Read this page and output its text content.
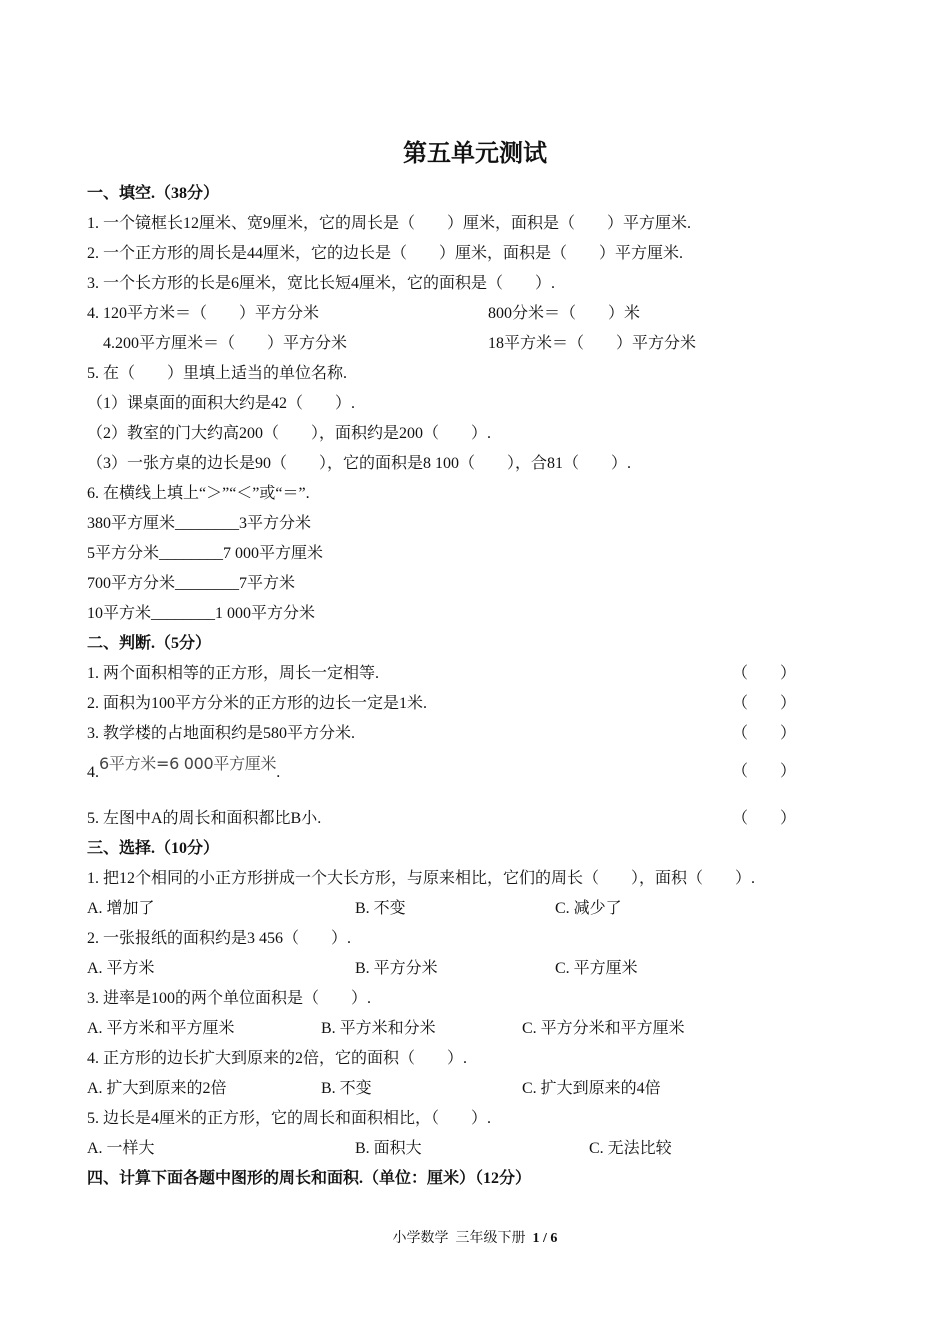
第五单元测试
一、填空.（38分）
1. 一个镜框长12厘米、宽9厘米，它的周长是（　　）厘米，面积是（　　）平方厘米.
2. 一个正方形的周长是44厘米，它的边长是（　　）厘米，面积是（　　）平方厘米.
3. 一个长方形的长是6厘米，宽比长短4厘米，它的面积是（　　）.
4. 120平方米＝（　　）平方分米	800分米＝（　　）米
4.200平方厘米＝（　　）平方分米	18平方米＝（　　）平方分米
5. 在（　　）里填上适当的单位名称.
（1）课桌面的面积大约是42（　　）.
（2）教室的门大约高200（　　），面积约是200（　　）.
（3）一张方桌的边长是90（　　），它的面积是8 100（　　），合81（　　）.
6. 在横线上填上“＞”“＜”或“＝”.
380平方厘米________3平方分米
5平方分米________7 000平方厘米
700平方分米________7平方米
10平方米________1 000平方分米
二、判断.（5分）
1. 两个面积相等的正方形，周长一定相等.	（　　）
2. 面积为100平方分米的正方形的边长一定是1米.	（　　）
3. 教学楼的占地面积约是580平方分米.	（　　）
4.6平方米=6 000平方厘米.	（　　）
5. 左图中A的周长和面积都比B小.	（　　）
三、选择.（10分）
1. 把12个相同的小正方形拼成一个大长方形，与原来相比，它们的周长（　　），面积（　　）.
A. 增加了	B. 不变	C. 减少了
2. 一张报纸的面积约是3 456（　　）.
A. 平方米	B. 平方分米	C. 平方厘米
3. 进率是100的两个单位面积是（　　）.
A. 平方米和平方厘米	B. 平方米和分米	C. 平方分米和平方厘米
4. 正方形的边长扩大到原来的2倍，它的面积（　　）.
A. 扩大到原来的2倍	B. 不变	C. 扩大到原来的4倍
5. 边长是4厘米的正方形，它的周长和面积相比，（　　）.
A. 一样大	B. 面积大	C. 无法比较
四、计算下面各题中图形的周长和面积.（单位：厘米）（12分）
小学数学  三年级下册 1 / 6
